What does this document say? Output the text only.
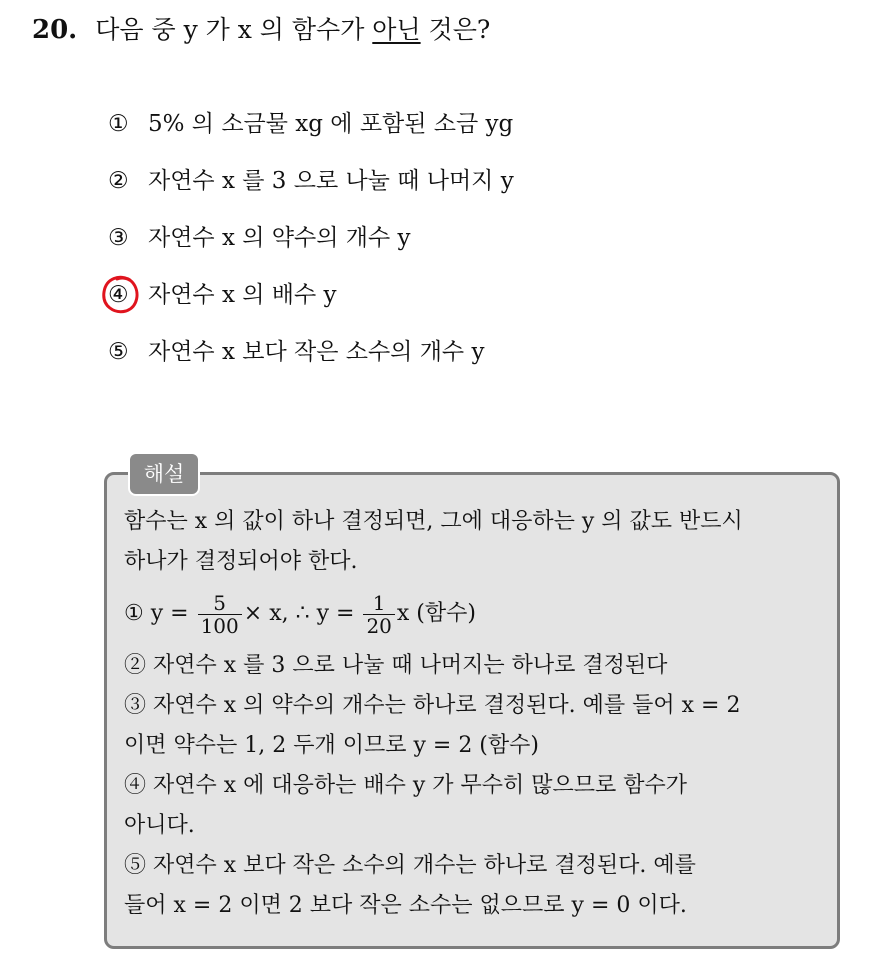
20. 다음 중 y 가 x 의 함수가 아닌 것은?
① 5% 의 소금물 xg 에 포함된 소금 yg
② 자연수 x 를 3 으로 나눌 때 나머지 y
③ 자연수 x 의 약수의 개수 y
④ 자연수 x 의 배수 y
⑤ 자연수 x 보다 작은 소수의 개수 y
해설
함수는 x 의 값이 하나 결정되면, 그에 대응하는 y 의 값도 반드시
하나가 결정되어야 한다.
① $y = \frac{5}{100} \times x$, ∴ $y = \frac{1}{20}$ x (함수)
② 자연수 x 를 3 으로 나눌 때 나머지는 하나로 결정된다
③ 자연수 x 의 약수의 개수는 하나로 결정된다. 예를 들어 x = 2
이면 약수는 1, 2 두개 이므로 y = 2 (함수)
④ 자연수 x 에 대응하는 배수 y 가 무수히 많으므로 함수가
아니다.
⑤ 자연수 x 보다 작은 소수의 개수는 하나로 결정된다. 예를
들어 x = 2 이면 2 보다 작은 소수는 없으므로 y = 0 이다.
